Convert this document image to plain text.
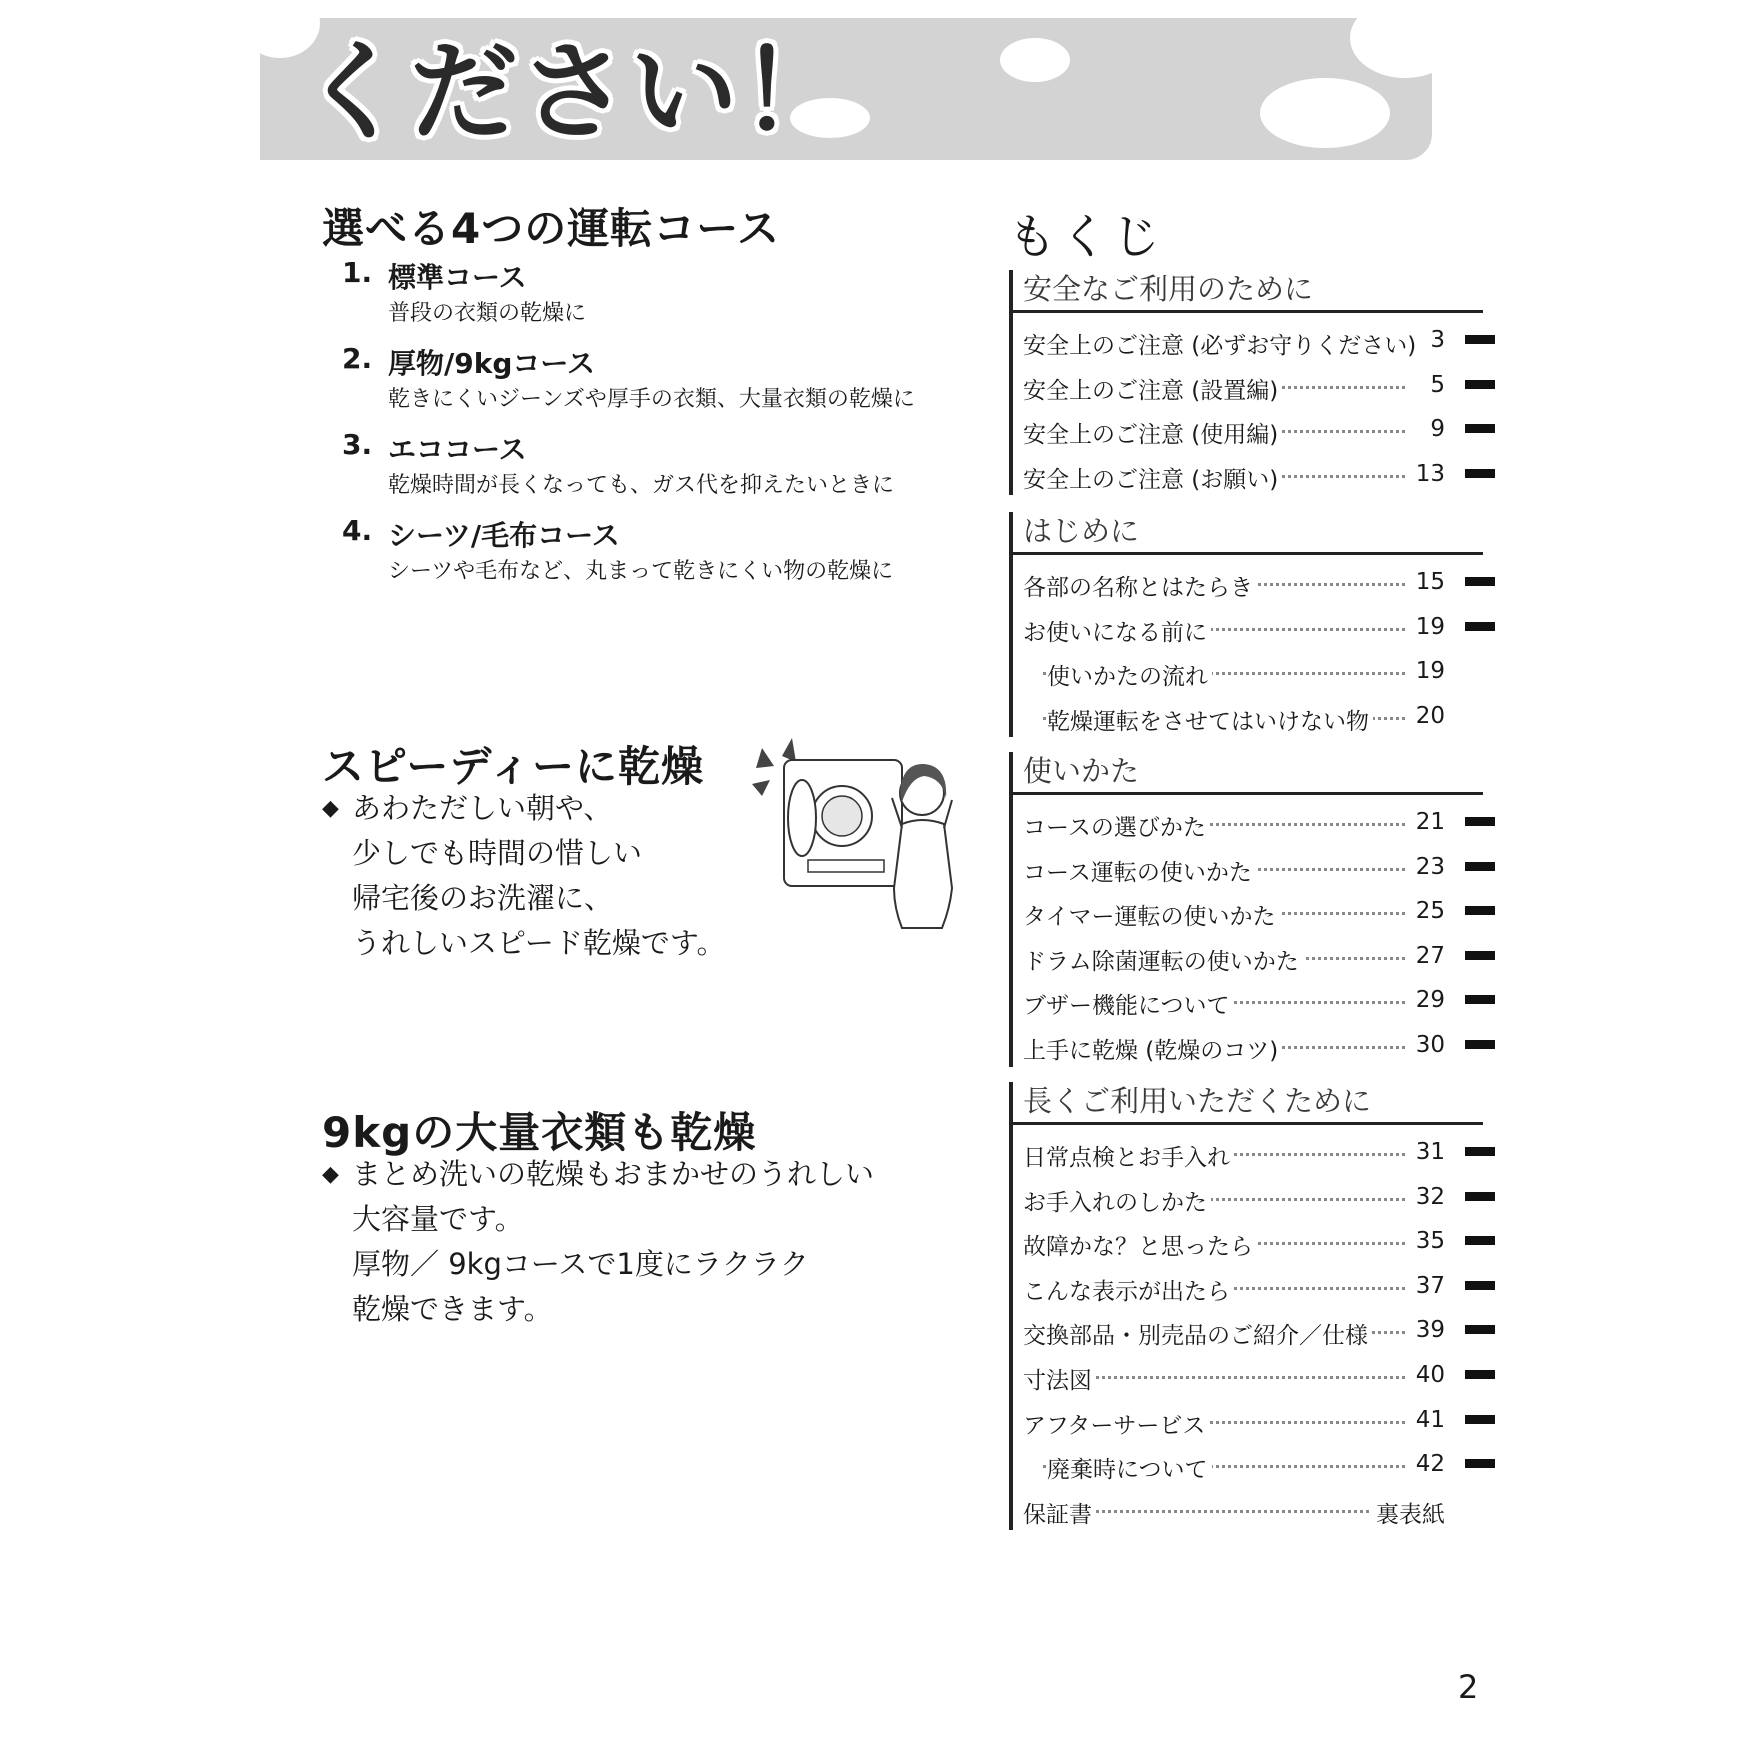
ください！
選べる4つの運転コース
1. 標準コース
普段の衣類の乾燥に
2. 厚物/9kgコース
乾きにくいジーンズや厚手の衣類、大量衣類の乾燥に
3. エココース
乾燥時間が長くなっても、ガス代を抑えたいときに
4. シーツ/毛布コース
シーツや毛布など、丸まって乾きにくい物の乾燥に
スピーディーに乾燥
◆ あわただしい朝や、
少しでも時間の惜しい
帰宅後のお洗濯に、
うれしいスピード乾燥です。
9kgの大量衣類も乾燥
◆ まとめ洗いの乾燥もおまかせのうれしい
大容量です。
厚物／ 9kgコースで1度にラクラク
乾燥できます。
もくじ
安全なご利用のために
安全上のご注意 (必ずお守りください) 3
安全上のご注意 (設置編)	5
安全上のご注意 (使用編)	9
安全上のご注意 (お願い)	13
はじめに
各部の名称とはたらき	15
お使いになる前に	19
使いかたの流れ	19
乾燥運転をさせてはいけない物 20
使いかた
コースの選びかた	21
コース運転の使いかた	23
タイマー運転の使いかた	25
ドラム除菌運転の使いかた	27
ブザー機能について	29
上手に乾燥 (乾燥のコツ)	30
長くご利用いただくために
日常点検とお手入れ	31
お手入れのしかた	32
故障かな？と思ったら	35
こんな表示が出たら	37
交換部品・別売品のご紹介／仕様 39
寸法図	40
アフターサービス	41
廃棄時について	42
保証書	裏表紙
2
